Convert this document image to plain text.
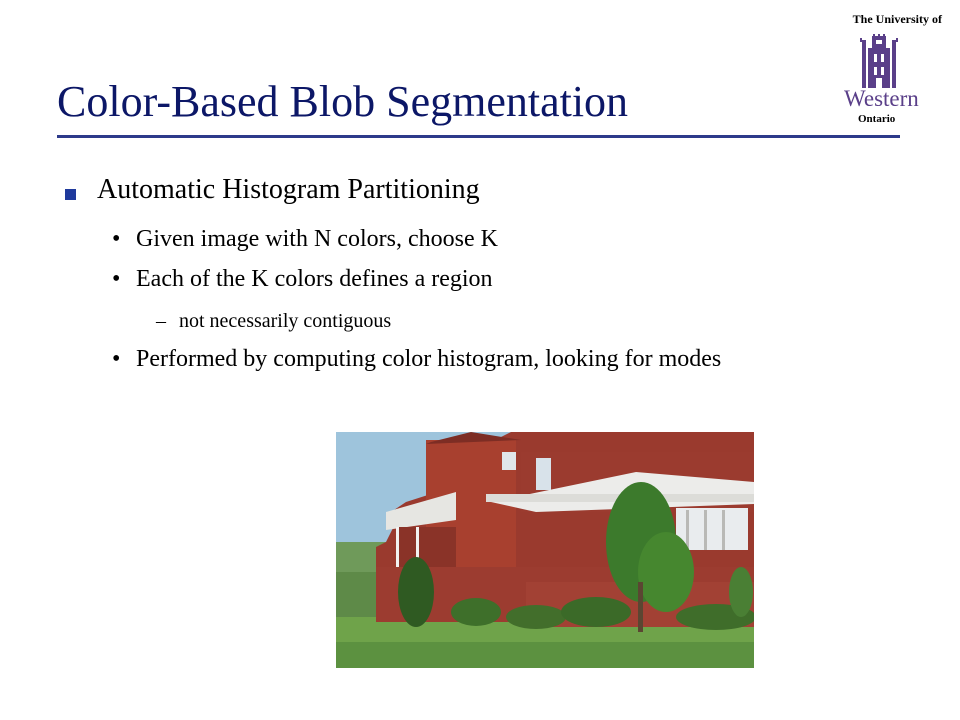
The University of
Western
Ontario
Color-Based Blob Segmentation
Automatic Histogram Partitioning
• Given image with N colors, choose K
• Each of the K colors defines a region
– not necessarily contiguous
• Performed by computing color histogram, looking for modes
